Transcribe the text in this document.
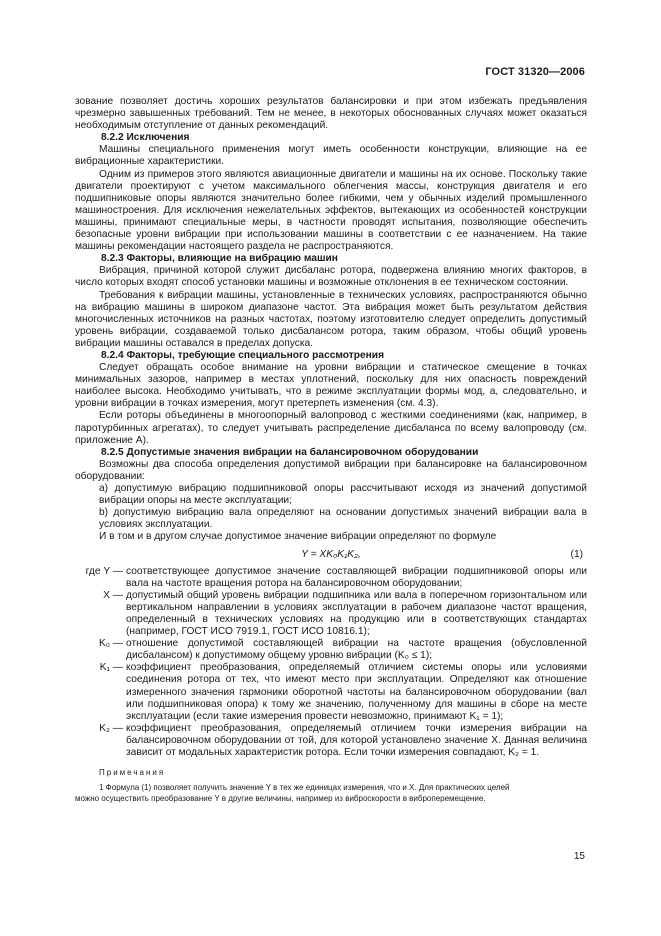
ГОСТ 31320—2006

зование позволяет достичь хороших результатов балансировки и при этом избежать предъявления чрезмерно завышенных требований. Тем не менее, в некоторых обоснованных случаях может оказаться необходимым отступление от данных рекомендаций.

8.2.2 Исключения

Машины специального применения могут иметь особенности конструкции, влияющие на ее вибрационные характеристики.

Одним из примеров этого являются авиационные двигатели и машины на их основе. Поскольку такие двигатели проектируют с учетом максимального облегчения массы, конструкция двигателя и его подшипниковые опоры являются значительно более гибкими, чем у обычных изделий промышленного машиностроения. Для исключения нежелательных эффектов, вытекающих из особенностей конструкции машины, принимают специальные меры, в частности проводят испытания, позволяющие обеспечить безопасные уровни вибрации при использовании машины в соответствии с ее назначением. На такие машины рекомендации настоящего раздела не распространяются.

8.2.3 Факторы, влияющие на вибрацию машин

Вибрация, причиной которой служит дисбаланс ротора, подвержена влиянию многих факторов, в число которых входят способ установки машины и возможные отклонения в ее техническом состоянии.

Требования к вибрации машины, установленные в технических условиях, распространяются обычно на вибрацию машины в широком диапазоне частот. Эта вибрация может быть результатом действия многочисленных источников на разных частотах, поэтому изготовителю следует определить допустимый уровень вибрации, создаваемой только дисбалансом ротора, таким образом, чтобы общий уровень вибрации машины оставался в пределах допуска.

8.2.4 Факторы, требующие специального рассмотрения

Следует обращать особое внимание на уровни вибрации и статическое смещение в точках минимальных зазоров, например в местах уплотнений, поскольку для них опасность повреждений наиболее высока. Необходимо учитывать, что в режиме эксплуатации формы мод, а, следовательно, и уровни вибрации в точках измерения, могут претерпеть изменения (см. 4.3).

Если роторы объединены в многоопорный валопровод с жесткими соединениями (как, например, в паротурбинных агрегатах), то следует учитывать распределение дисбаланса по всему валопроводу (см. приложение А).

8.2.5 Допустимые значения вибрации на балансировочном оборудовании

Возможны два способа определения допустимой вибрации при балансировке на балансировочном оборудовании:

a) допустимую вибрацию подшипниковой опоры рассчитывают исходя из значений допустимой вибрации опоры на месте эксплуатации;

b) допустимую вибрацию вала определяют на основании допустимых значений вибрации вала в условиях эксплуатации.

И в том и в другом случае допустимое значение вибрации определяют по формуле

Y = XK₀K₁K₂,	(1)
где Y — соответствующее допустимое значение составляющей вибрации подшипниковой опоры или вала на частоте вращения ротора на балансировочном оборудовании;
X — допустимый общий уровень вибрации подшипника или вала в поперечном горизонтальном или вертикальном направлении в условиях эксплуатации в рабочем диапазоне частот вращения, определенный в технических условиях на продукцию или в соответствующих стандартах (например, ГОСТ ИСО 7919.1, ГОСТ ИСО 10816.1);
K₀ — отношение допустимой составляющей вибрации на частоте вращения (обусловленной дисбалансом) к допустимому общему уровню вибрации (K₀ ≤ 1);
K₁ — коэффициент преобразования, определяемый отличием системы опоры или условиями соединения ротора от тех, что имеют место при эксплуатации. Определяют как отношение измеренного значения гармоники оборотной частоты на балансировочном оборудовании (вал или подшипниковая опора) к тому же значению, полученному для машины в сборе на месте эксплуатации (если такие измерения провести невозможно, принимают K₁ = 1);
K₂ — коэффициент преобразования, определяемый отличием точки измерения вибрации на балансировочном оборудовании от той, для которой установлено значение X. Данная величина зависит от модальных характеристик ротора. Если точки измерения совпадают, K₂ = 1.

Примечания

1 Формула (1) позволяет получить значение Y в тех же единицах измерения, что и X. Для практических целей

можно осуществить преобразование Y в другие величины, например из виброскорости в виброперемещение.

15
